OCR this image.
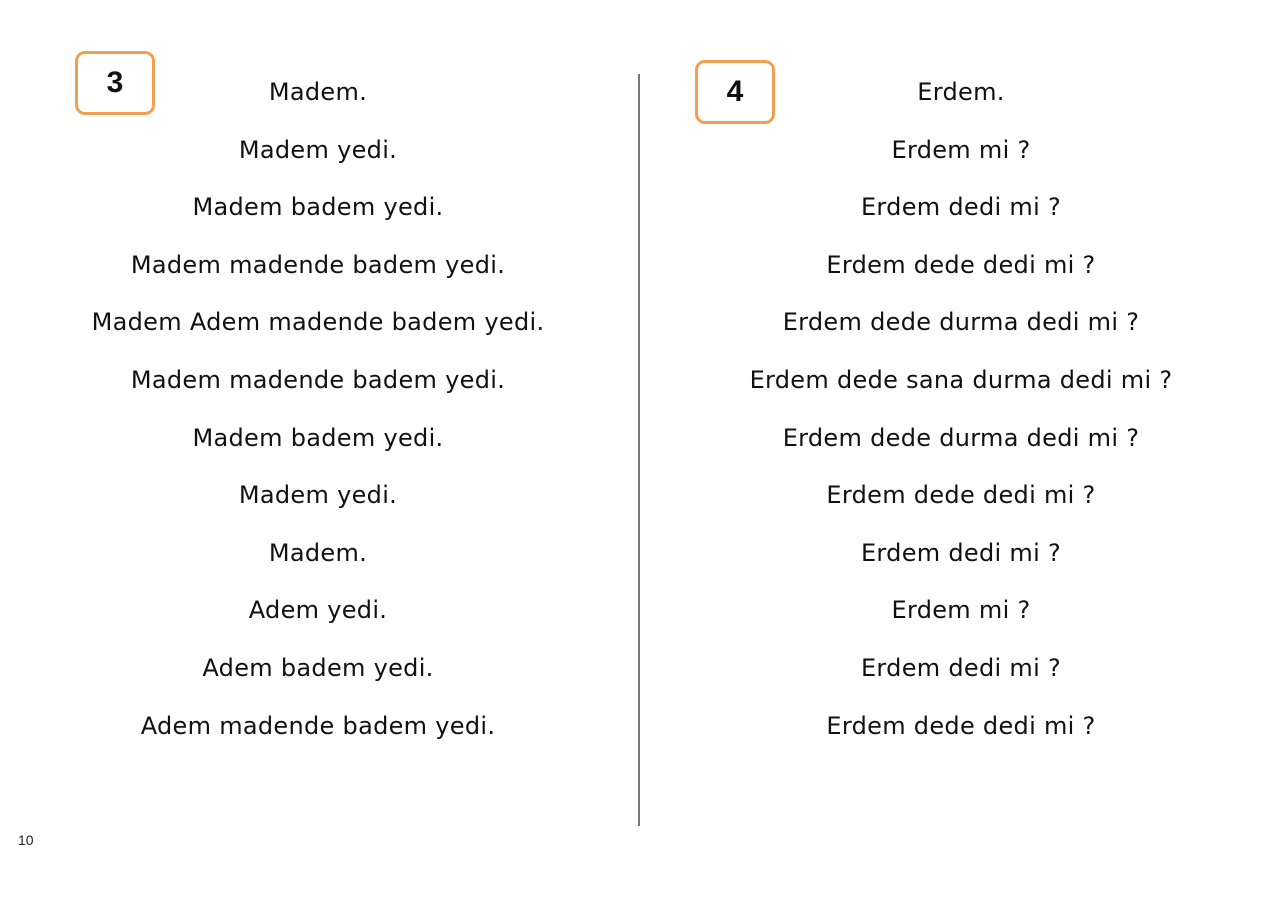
3	Madem.
Madem yedi.
Madem badem yedi.
Madem madende badem yedi.
Madem Adem madende badem yedi.
Madem madende badem yedi.
Madem badem yedi.
Madem yedi.
Madem.
Adem yedi.
Adem badem yedi.
Adem madende badem yedi.
4	Erdem.
Erdem mi ?
Erdem dedi mi ?
Erdem dede dedi mi ?
Erdem dede durma dedi mi ?
Erdem dede sana durma dedi mi ?
Erdem dede durma dedi mi ?
Erdem dede dedi mi ?
Erdem dedi mi ?
Erdem mi ?
Erdem dedi mi ?
Erdem dede dedi mi ?
10
